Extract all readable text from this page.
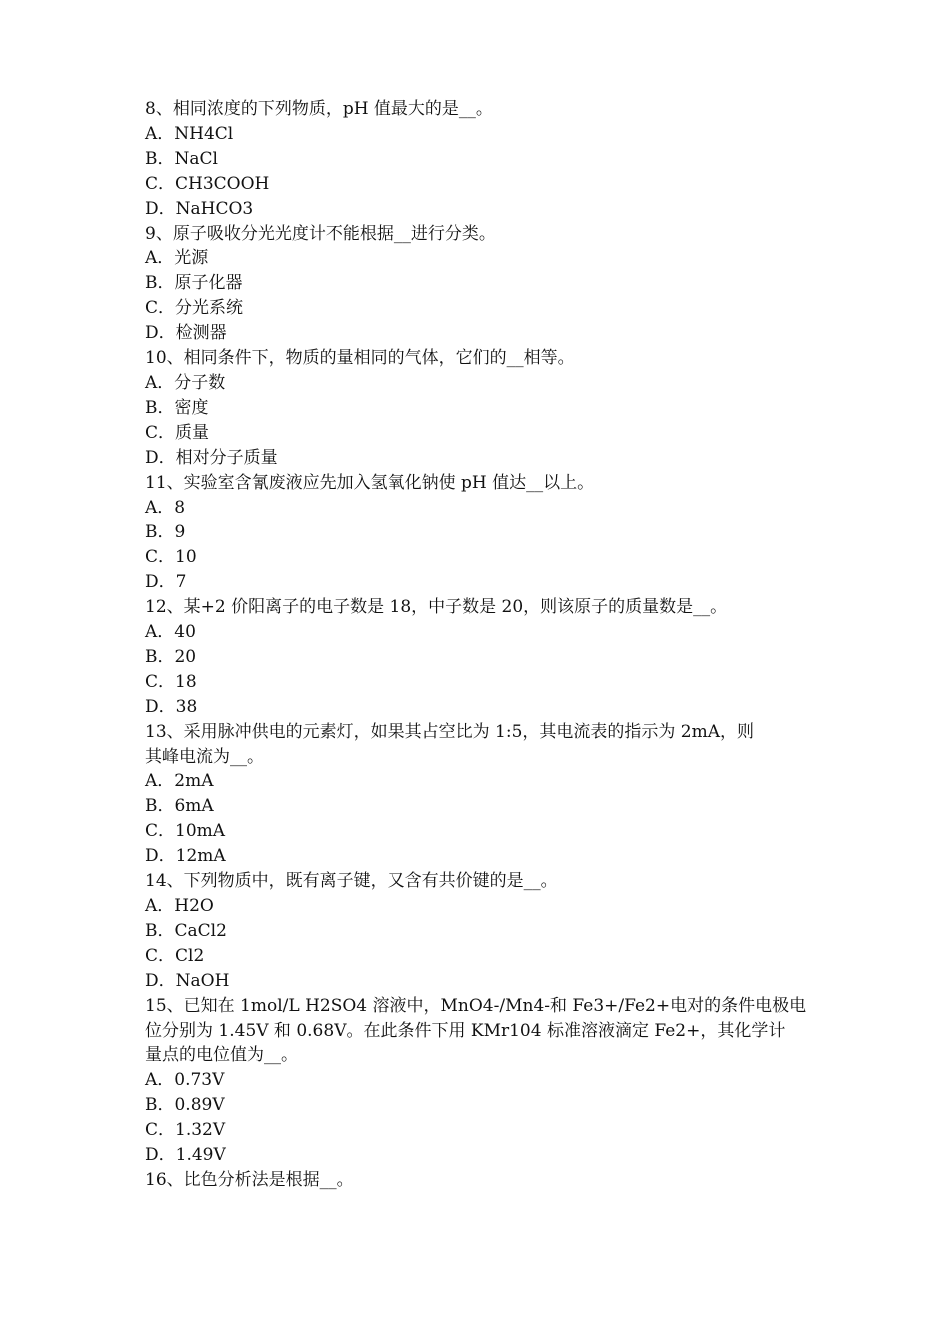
8、相同浓度的下列物质，pH 值最大的是__。
A．NH4Cl
B．NaCl
C．CH3COOH
D．NaHCO3
9、原子吸收分光光度计不能根据__进行分类。
A．光源
B．原子化器
C．分光系统
D．检测器
10、相同条件下，物质的量相同的气体，它们的__相等。
A．分子数
B．密度
C．质量
D．相对分子质量
11、实验室含氰废液应先加入氢氧化钠使 pH 值达__以上。
A．8
B．9
C．10
D．7
12、某+2 价阳离子的电子数是 18，中子数是 20，则该原子的质量数是__。
A．40
B．20
C．18
D．38
13、采用脉冲供电的元素灯，如果其占空比为 1:5，其电流表的指示为 2mA，则
其峰电流为__。
A．2mA
B．6mA
C．10mA
D．12mA
14、下列物质中，既有离子键，又含有共价键的是__。
A．H2O
B．CaCl2
C．Cl2
D．NaOH
15、已知在 1mol/L H2SO4 溶液中，MnO4-/Mn4-和 Fe3+/Fe2+电对的条件电极电
位分别为 1.45V 和 0.68V。在此条件下用 KMr104 标准溶液滴定 Fe2+，其化学计
量点的电位值为__。
A．0.73V
B．0.89V
C．1.32V
D．1.49V
16、比色分析法是根据__。
